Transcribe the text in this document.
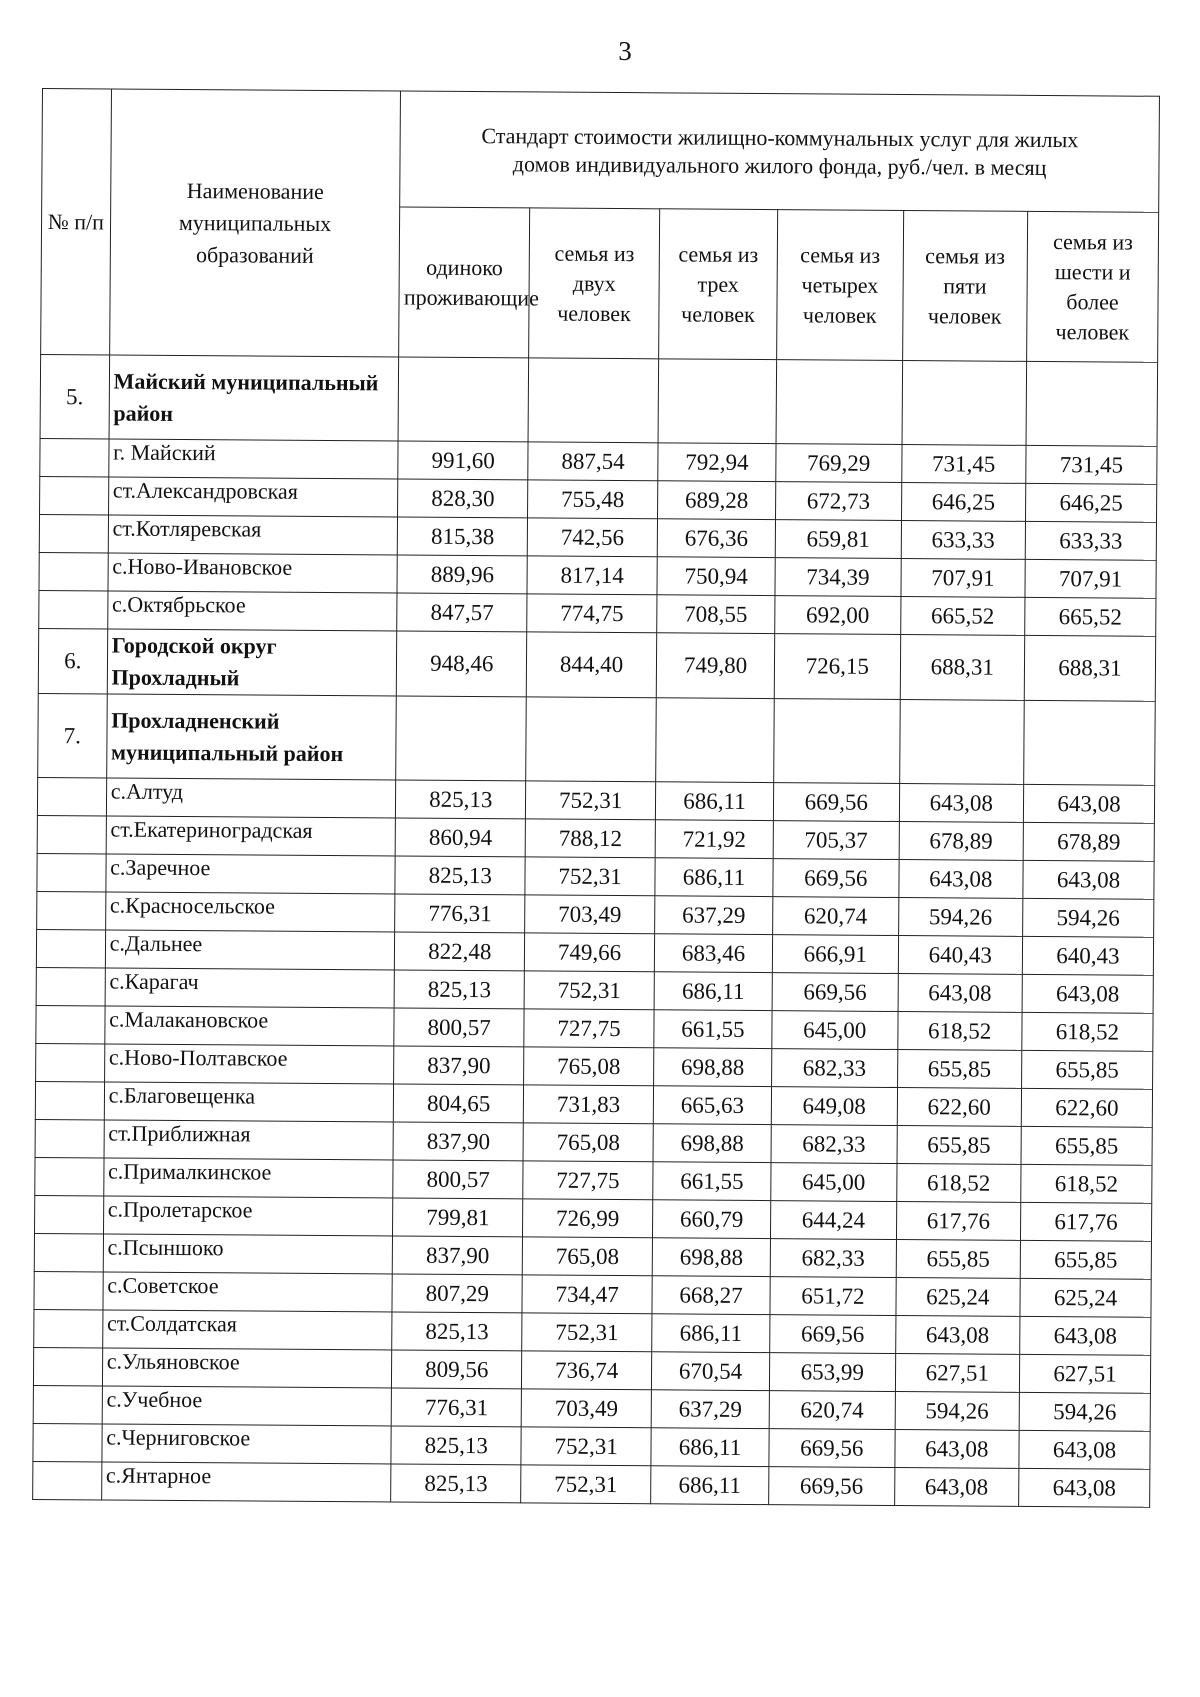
3
№ п/п	Наименование муниципальных образований	Стандарт стоимости жилищно-коммунальных услуг для жилых домов индивидуального жилого фонда, руб./чел. в месяц					
		одиноко проживающие	семья из двух человек	семья из трех человек	семья из четырех человек	семья из пяти человек	семья из шести и более человек
5.	Майский муниципальный район						
	г. Майский	991,60	887,54	792,94	769,29	731,45	731,45
	ст.Александровская	828,30	755,48	689,28	672,73	646,25	646,25
	ст.Котляревская	815,38	742,56	676,36	659,81	633,33	633,33
	с.Ново-Ивановское	889,96	817,14	750,94	734,39	707,91	707,91
	с.Октябрьское	847,57	774,75	708,55	692,00	665,52	665,52
6.	Городской округ Прохладный	948,46	844,40	749,80	726,15	688,31	688,31
7.	Прохладненский муниципальный район						
	с.Алтуд	825,13	752,31	686,11	669,56	643,08	643,08
	ст.Екатериноградская	860,94	788,12	721,92	705,37	678,89	678,89
	с.Заречное	825,13	752,31	686,11	669,56	643,08	643,08
	с.Красносельское	776,31	703,49	637,29	620,74	594,26	594,26
	с.Дальнее	822,48	749,66	683,46	666,91	640,43	640,43
	с.Карагач	825,13	752,31	686,11	669,56	643,08	643,08
	с.Малакановское	800,57	727,75	661,55	645,00	618,52	618,52
	с.Ново-Полтавское	837,90	765,08	698,88	682,33	655,85	655,85
	с.Благовещенка	804,65	731,83	665,63	649,08	622,60	622,60
	ст.Приближная	837,90	765,08	698,88	682,33	655,85	655,85
	с.Прималкинское	800,57	727,75	661,55	645,00	618,52	618,52
	с.Пролетарское	799,81	726,99	660,79	644,24	617,76	617,76
	с.Псыншоко	837,90	765,08	698,88	682,33	655,85	655,85
	с.Советское	807,29	734,47	668,27	651,72	625,24	625,24
	ст.Солдатская	825,13	752,31	686,11	669,56	643,08	643,08
	с.Ульяновское	809,56	736,74	670,54	653,99	627,51	627,51
	с.Учебное	776,31	703,49	637,29	620,74	594,26	594,26
	с.Черниговское	825,13	752,31	686,11	669,56	643,08	643,08
	с.Янтарное	825,13	752,31	686,11	669,56	643,08	643,08
